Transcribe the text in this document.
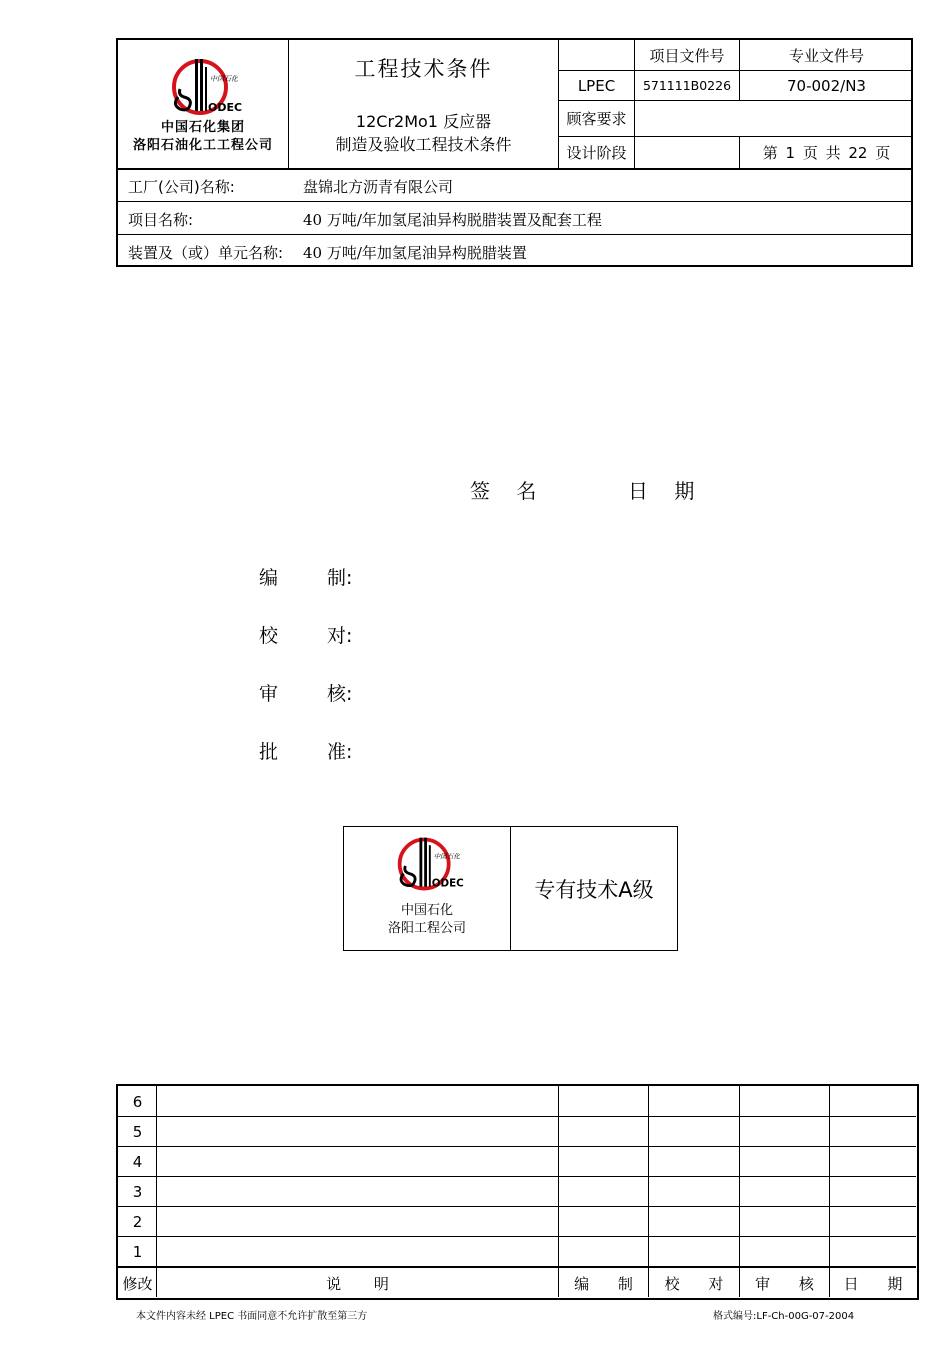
ODEC
中国石化
中国石化集团
洛阳石油化工工程公司
工程技术条件
12Cr2Mo1 反应器
制造及验收工程技术条件
项目文件号	专业文件号
LPEC	571111B0226	70-002/N3
顾客要求
设计阶段	第 1 页 共 22 页
工厂(公司)名称:	盘锦北方沥青有限公司
项目名称:	40 万吨/年加氢尾油异构脱腊装置及配套工程
装置及（或）单元名称: 40 万吨/年加氢尾油异构脱腊装置
签 名	日 期
编	制:
校	对:
审	核:
批	准:
ODEC
中国石化
中国石化
洛阳工程公司
专有技术A级
6
5
4
3
2
1
修改	说 明	编 制	校 对	审 核	日 期
本文件内容未经 LPEC 书面同意不允许扩散至第三方	格式编号:LF-Ch-00G-07-2004
